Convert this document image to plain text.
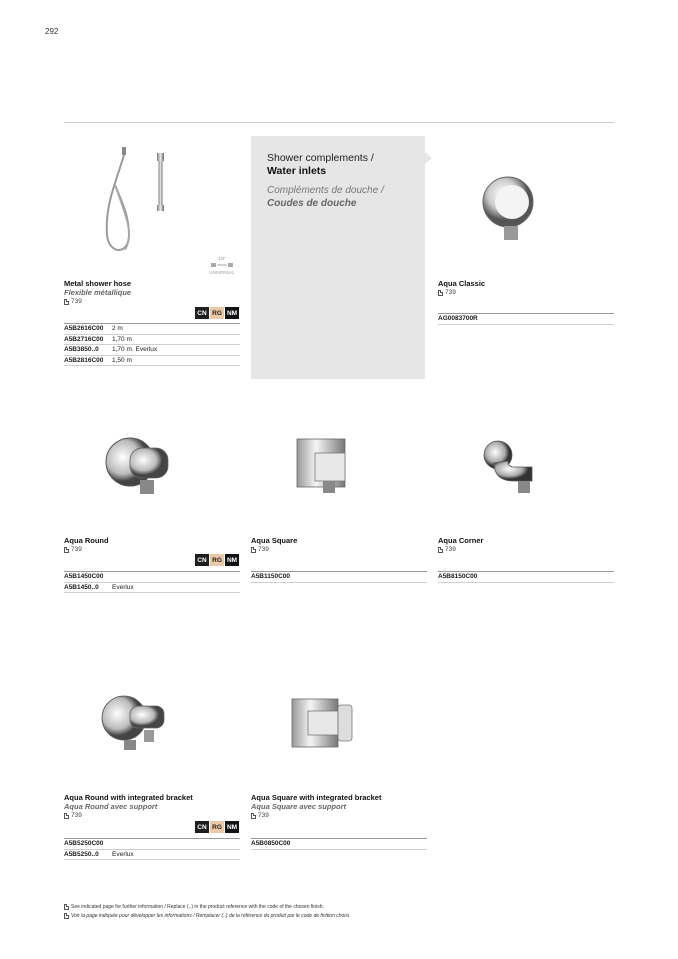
292
Shower complements /
Water inlets
Compléments de douche /
Coudes de douche
1/2"
UNIVERSAL
Metal shower hose
Flexible métallique
739
CN RG NM
A5B2616C00	2 m
A5B2716C00	1,70 m
A5B3850..0	1,70 m. Everlux
A5B2816C00	1,50 m
Aqua Classic
739
AG0083700R
Aqua Round
739
CN RG NM
A5B1450C00
A5B1450..0	Everlux
Aqua Square
739
A5B1150C00
Aqua Corner
739
A5B8150C00
Aqua Round with integrated bracket
Aqua Round avec support
739
CN RG NM
A5B5250C00
A5B5250..0	Everlux
Aqua Square with integrated bracket
Aqua Square avec support
739
A5B0850C00
See indicated page for further information / Replace (..) in the product reference with the code of the chosen finish.
Voir la page indiquée pour développer les informations / Remplacer (..) de la référence du produit par le code de finition choisi.
